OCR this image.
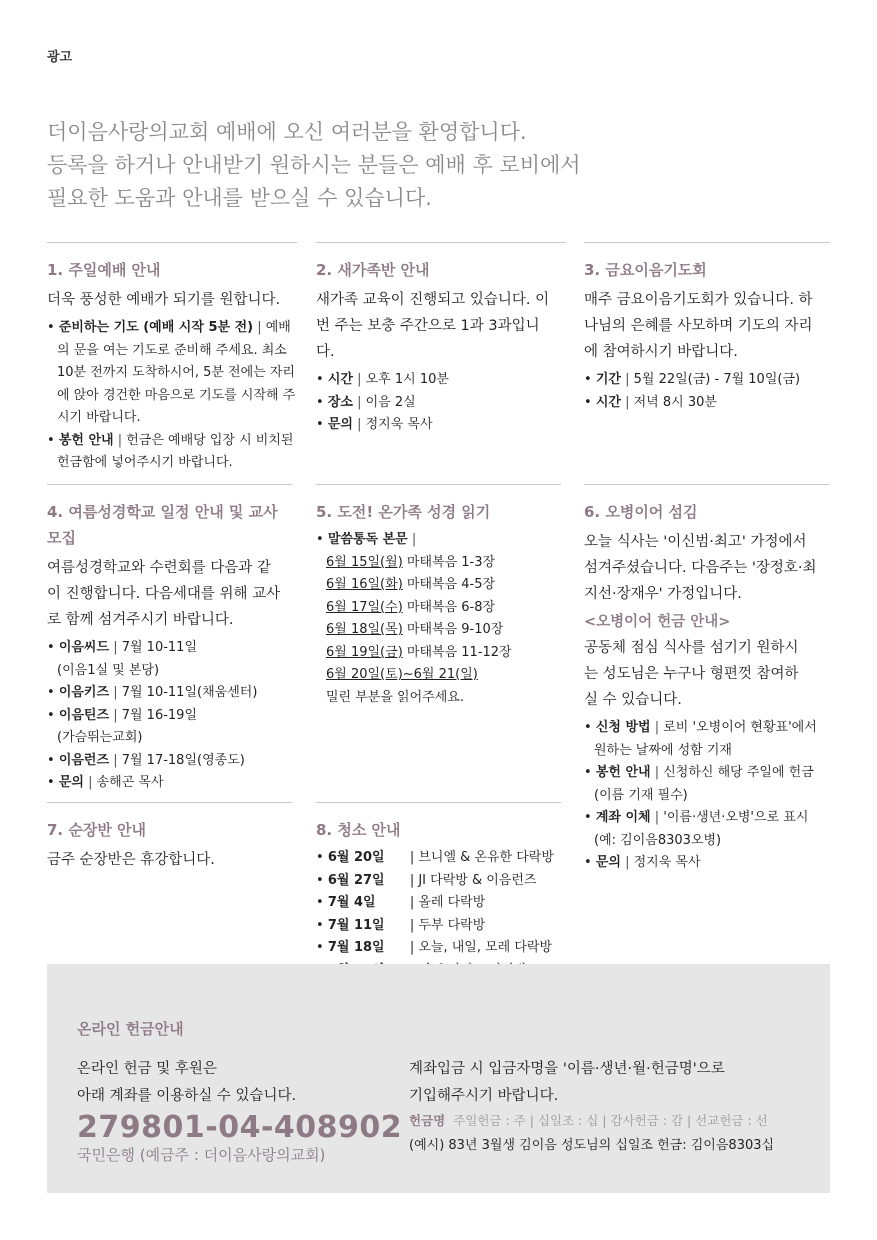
광고
더이음사랑의교회 예배에 오신 여러분을 환영합니다.
등록을 하거나 안내받기 원하시는 분들은 예배 후 로비에서
필요한 도움과 안내를 받으실 수 있습니다.
1. 주일예배 안내
더욱 풍성한 예배가 되기를 원합니다.
• 준비하는 기도 (예배 시작 5분 전) | 예배의 문을 여는 기도로 준비해 주세요. 최소 10분 전까지 도착하시어, 5분 전에는 자리에 앉아 경건한 마음으로 기도를 시작해 주시기 바랍니다.
• 봉헌 안내 | 헌금은 예배당 입장 시 비치된 헌금함에 넣어주시기 바랍니다.
2. 새가족반 안내
새가족 교육이 진행되고 있습니다. 이번 주는 보충 주간으로 1과 3과입니다.
• 시간 | 오후 1시 10분
• 장소 | 이음 2실
• 문의 | 정지욱 목사
3. 금요이음기도회
매주 금요이음기도회가 있습니다. 하나님의 은혜를 사모하며 기도의 자리에 참여하시기 바랍니다.
• 기간 | 5월 22일(금) - 7월 10일(금)
• 시간 | 저녁 8시 30분
4. 여름성경학교 일정 안내 및 교사 모집
여름성경학교와 수련회를 다음과 같이 진행합니다. 다음세대를 위해 교사로 함께 섬겨주시기 바랍니다.
• 이음씨드 | 7월 10-11일
(이음1실 및 본당)
• 이음키즈 | 7월 10-11일(채움센터)
• 이음틴즈 | 7월 16-19일
(가슴뛰는교회)
• 이음런즈 | 7월 17-18일(영종도)
• 문의 | 송해곤 목사
5. 도전! 온가족 성경 읽기
• 말씀통독 본문 |
6월 15일(월) 마태복음 1-3장
6월 16일(화) 마태복음 4-5장
6월 17일(수) 마태복음 6-8장
6월 18일(목) 마태복음 9-10장
6월 19일(금) 마태복음 11-12장
6월 20일(토)~6월 21(일)
밀린 부분을 읽어주세요.
6. 오병이어 섬김
오늘 식사는 '이신범·최고' 가정에서 섬겨주셨습니다. 다음주는 '장정호·최지선·장재우' 가정입니다.
<오병이어 헌금 안내>
공동체 점심 식사를 섬기기 원하시는 성도님은 누구나 형편껏 참여하실 수 있습니다.
• 신청 방법 | 로비 '오병이어 현황표'에서 원하는 날짜에 성함 기재
• 봉헌 안내 | 신청하신 해당 주일에 헌금 (이름 기재 필수)
• 계좌 이체 | '이름·생년·오병'으로 표시 (예: 김이음8303오병)
• 문의 | 정지욱 목사
7. 순장반 안내
금주 순장반은 휴강합니다.
8. 청소 안내
• 6월 20일 | 브니엘 & 온유한 다락방
• 6월 27일 | JI 다락방 & 이음런즈
• 7월 4일	| 올레 다락방
• 7월 11일 | 두부 다락방
• 7월 18일 | 오늘, 내일, 모레 다락방
온라인 헌금안내
온라인 헌금 및 후원은
아래 계좌를 이용하실 수 있습니다.
279801-04-408902
국민은행 (예금주 : 더이음사랑의교회)
계좌입금 시 입금자명을 '이름·생년·월·헌금명'으로
기입해주시기 바랍니다.
헌금명 주일헌금 : 주 | 십일조 : 십 | 감사헌금 : 감 | 선교헌금 : 선
(예시) 83년 3월생 김이음 성도님의 십일조 헌금: 김이음8303십
